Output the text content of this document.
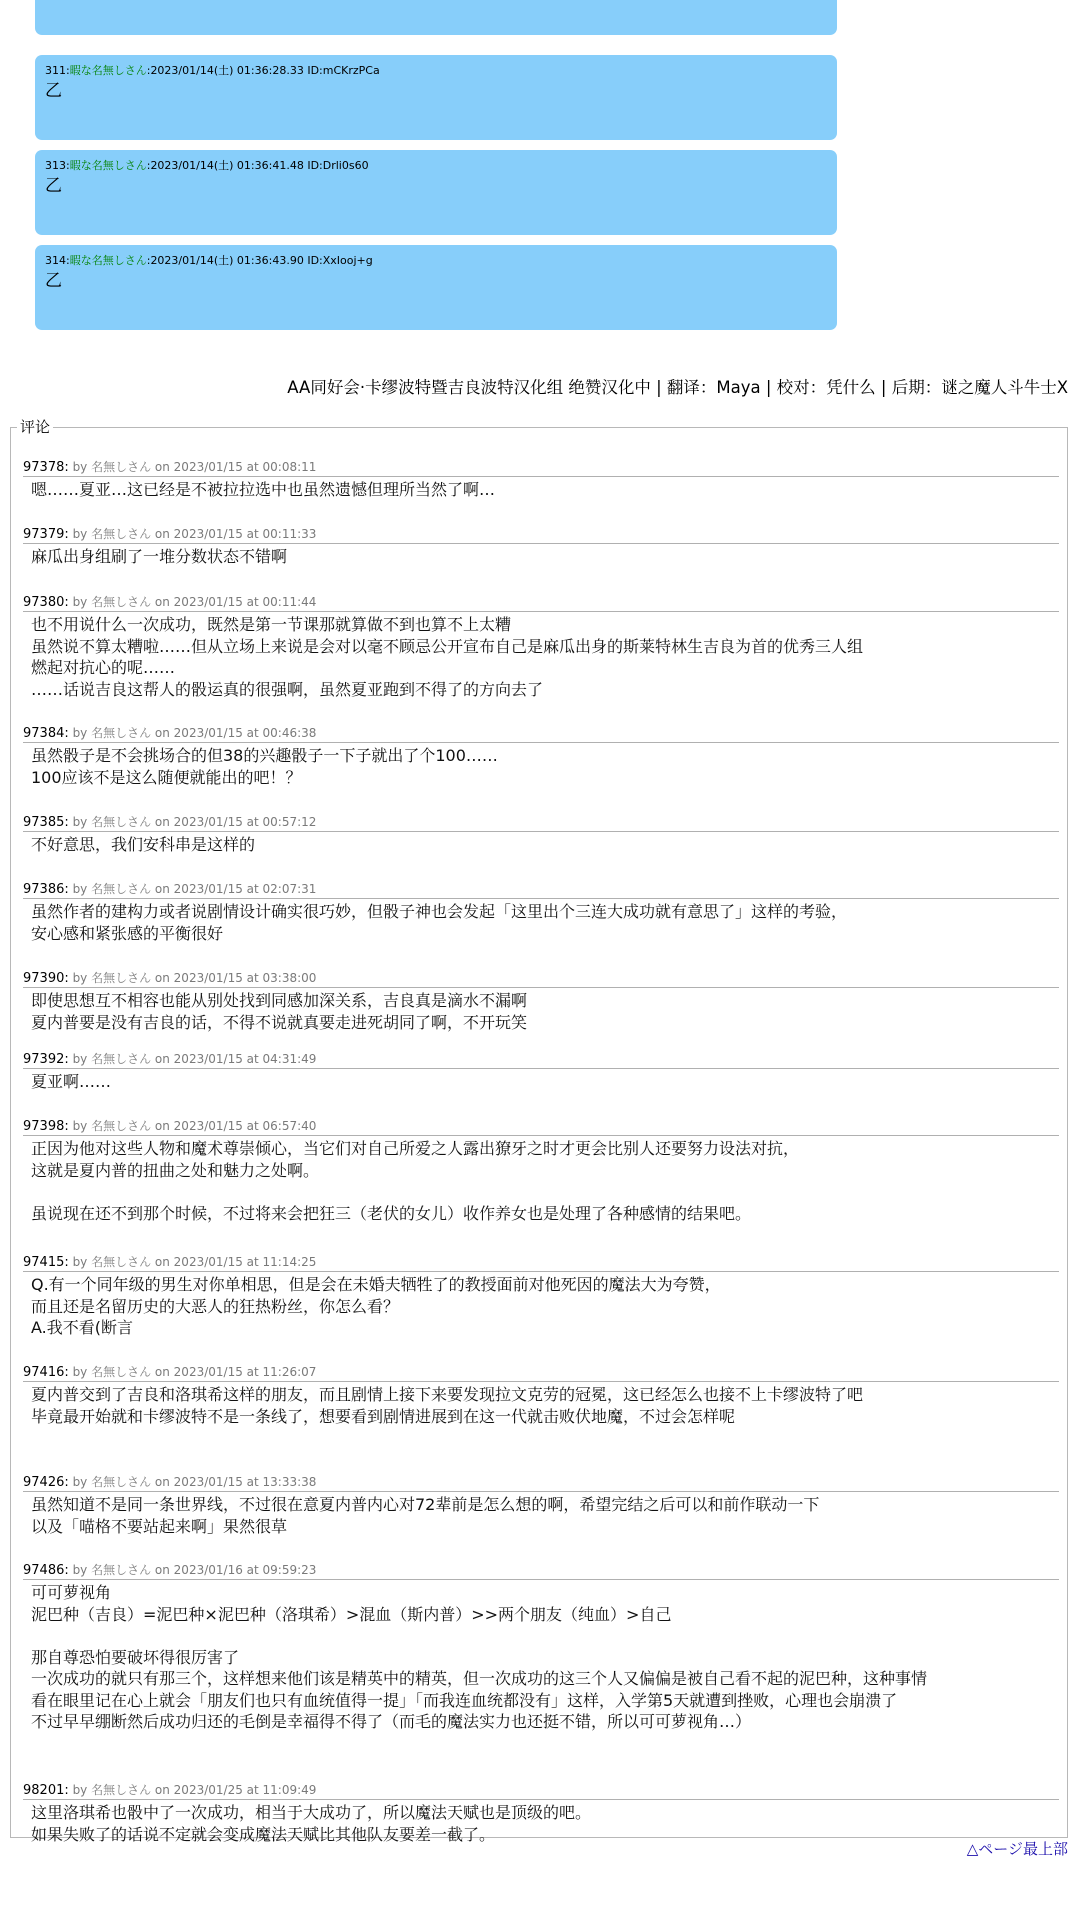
311:暇な名無しさん:2023/01/14(土) 01:36:28.33 ID:mCKrzPCa
乙
313:暇な名無しさん:2023/01/14(土) 01:36:41.48 ID:Drli0s60
乙
314:暇な名無しさん:2023/01/14(土) 01:36:43.90 ID:XxIooj+g
乙
AA同好会·卡缪波特暨吉良波特汉化组 绝赞汉化中 | 翻译：Maya | 校对：凭什么 | 后期：谜之魔人斗牛士X
评论
97378: by 名無しさん on 2023/01/15 at 00:08:11
嗯……夏亚…这已经是不被拉拉选中也虽然遗憾但理所当然了啊…
97379: by 名無しさん on 2023/01/15 at 00:11:33
麻瓜出身组刷了一堆分数状态不错啊
97380: by 名無しさん on 2023/01/15 at 00:11:44
也不用说什么一次成功，既然是第一节课那就算做不到也算不上太糟
虽然说不算太糟啦……但从立场上来说是会对以毫不顾忌公开宣布自己是麻瓜出身的斯莱特林生吉良为首的优秀三人组
燃起对抗心的呢……
……话说吉良这帮人的骰运真的很强啊，虽然夏亚跑到不得了的方向去了
97384: by 名無しさん on 2023/01/15 at 00:46:38
虽然骰子是不会挑场合的但38的兴趣骰子一下子就出了个100……
100应该不是这么随便就能出的吧！？
97385: by 名無しさん on 2023/01/15 at 00:57:12
不好意思，我们安科串是这样的
97386: by 名無しさん on 2023/01/15 at 02:07:31
虽然作者的建构力或者说剧情设计确实很巧妙，但骰子神也会发起「这里出个三连大成功就有意思了」这样的考验，
安心感和紧张感的平衡很好
97390: by 名無しさん on 2023/01/15 at 03:38:00
即使思想互不相容也能从别处找到同感加深关系，吉良真是滴水不漏啊
夏内普要是没有吉良的话，不得不说就真要走进死胡同了啊，不开玩笑
97392: by 名無しさん on 2023/01/15 at 04:31:49
夏亚啊……
97398: by 名無しさん on 2023/01/15 at 06:57:40
正因为他对这些人物和魔术尊崇倾心，当它们对自己所爱之人露出獠牙之时才更会比别人还要努力设法对抗，
这就是夏内普的扭曲之处和魅力之处啊。

虽说现在还不到那个时候，不过将来会把狂三（老伏的女儿）收作养女也是处理了各种感情的结果吧。
97415: by 名無しさん on 2023/01/15 at 11:14:25
Q.有一个同年级的男生对你单相思，但是会在未婚夫牺牲了的教授面前对他死因的魔法大为夸赞，
而且还是名留历史的大恶人的狂热粉丝，你怎么看？
A.我不看(断言
97416: by 名無しさん on 2023/01/15 at 11:26:07
夏内普交到了吉良和洛琪希这样的朋友，而且剧情上接下来要发现拉文克劳的冠冕，这已经怎么也接不上卡缪波特了吧
毕竟最开始就和卡缪波特不是一条线了，想要看到剧情进展到在这一代就击败伏地魔，不过会怎样呢
97426: by 名無しさん on 2023/01/15 at 13:33:38
虽然知道不是同一条世界线，不过很在意夏内普内心对72辈前是怎么想的啊，希望完结之后可以和前作联动一下
以及「喵格不要站起来啊」果然很草
97486: by 名無しさん on 2023/01/16 at 09:59:23
可可萝视角
泥巴种（吉良）=泥巴种×泥巴种（洛琪希）>混血（斯内普）>>两个朋友（纯血）>自己

那自尊恐怕要破坏得很厉害了
一次成功的就只有那三个，这样想来他们该是精英中的精英，但一次成功的这三个人又偏偏是被自己看不起的泥巴种，这种事情
看在眼里记在心上就会「朋友们也只有血统值得一提」「而我连血统都没有」这样，入学第5天就遭到挫败，心理也会崩溃了
不过早早绷断然后成功归还的毛倒是幸福得不得了（而毛的魔法实力也还挺不错，所以可可萝视角…）
98201: by 名無しさん on 2023/01/25 at 11:09:49
这里洛琪希也骰中了一次成功，相当于大成功了，所以魔法天赋也是顶级的吧。
如果失败了的话说不定就会变成魔法天赋比其他队友要差一截了。
△ページ最上部
